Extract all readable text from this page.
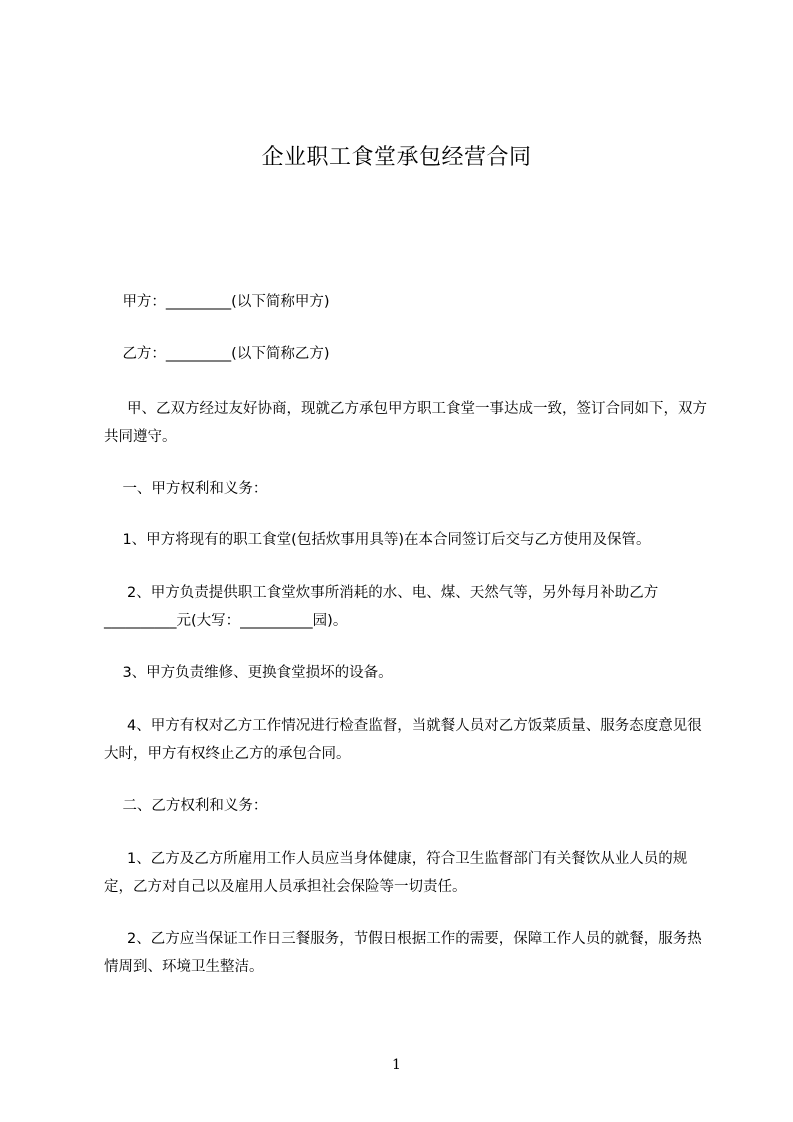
企业职工食堂承包经营合同

甲方：_________(以下简称甲方)

乙方：_________(以下简称乙方)

甲、乙双方经过友好协商，现就乙方承包甲方职工食堂一事达成一致，签订合同如下，双方共同遵守。

一、甲方权利和义务：

1、甲方将现有的职工食堂(包括炊事用具等)在本合同签订后交与乙方使用及保管。

2、甲方负责提供职工食堂炊事所消耗的水、电、煤、天然气等，另外每月补助乙方__________元(大写：__________园)。

3、甲方负责维修、更换食堂损坏的设备。

4、甲方有权对乙方工作情况进行检查监督，当就餐人员对乙方饭菜质量、服务态度意见很大时，甲方有权终止乙方的承包合同。

二、乙方权利和义务：

1、乙方及乙方所雇用工作人员应当身体健康，符合卫生监督部门有关餐饮从业人员的规定，乙方对自己以及雇用人员承担社会保险等一切责任。

2、乙方应当保证工作日三餐服务，节假日根据工作的需要，保障工作人员的就餐，服务热情周到、环境卫生整洁。

1
